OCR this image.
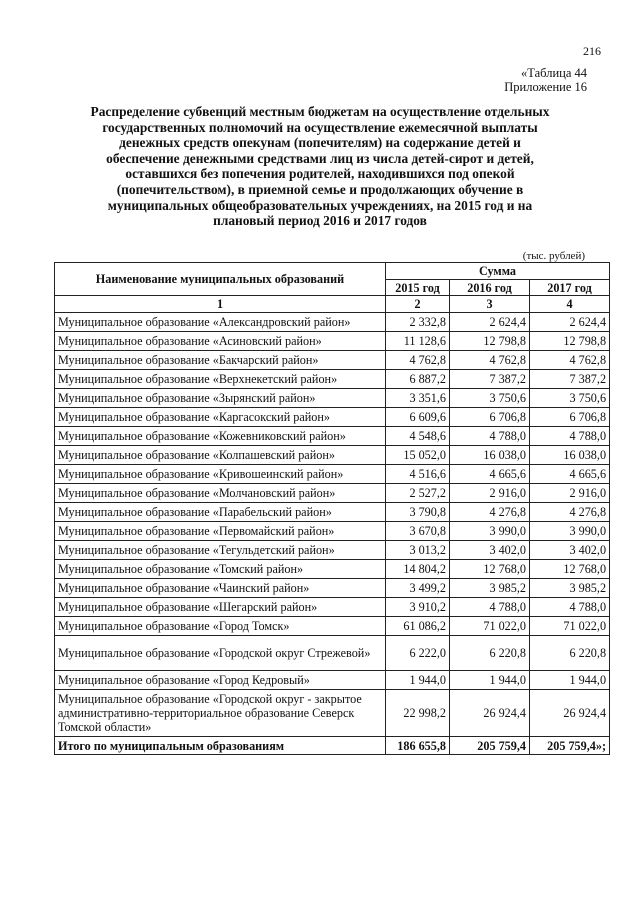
216
«Таблица 44
Приложение 16
Распределение субвенций местным бюджетам на осуществление отдельных государственных полномочий на осуществление ежемесячной выплаты денежных средств опекунам (попечителям) на содержание детей и обеспечение денежными средствами лиц из числа детей-сирот и детей, оставшихся без попечения родителей, находившихся под опекой (попечительством), в приемной семье и продолжающих обучение в муниципальных общеобразовательных учреждениях, на 2015 год и на плановый период 2016 и 2017 годов
(тыс. рублей)
Наименование муниципальных образований	Сумма		
	2015 год	2016 год	2017 год
1	2	3	4
Муниципальное образование «Александровский район»	2 332,8	2 624,4	2 624,4
Муниципальное образование «Асиновский район»	11 128,6	12 798,8	12 798,8
Муниципальное образование «Бакчарский район»	4 762,8	4 762,8	4 762,8
Муниципальное образование «Верхнекетский район»	6 887,2	7 387,2	7 387,2
Муниципальное образование «Зырянский район»	3 351,6	3 750,6	3 750,6
Муниципальное образование «Каргасокский район»	6 609,6	6 706,8	6 706,8
Муниципальное образование «Кожевниковский район»	4 548,6	4 788,0	4 788,0
Муниципальное образование «Колпашевский район»	15 052,0	16 038,0	16 038,0
Муниципальное образование «Кривошеинский район»	4 516,6	4 665,6	4 665,6
Муниципальное образование «Молчановский район»	2 527,2	2 916,0	2 916,0
Муниципальное образование «Парабельский район»	3 790,8	4 276,8	4 276,8
Муниципальное образование «Первомайский район»	3 670,8	3 990,0	3 990,0
Муниципальное образование «Тегульдетский район»	3 013,2	3 402,0	3 402,0
Муниципальное образование «Томский район»	14 804,2	12 768,0	12 768,0
Муниципальное образование «Чаинский район»	3 499,2	3 985,2	3 985,2
Муниципальное образование «Шегарский район»	3 910,2	4 788,0	4 788,0
Муниципальное образование «Город Томск»	61 086,2	71 022,0	71 022,0
Муниципальное образование «Городской округ Стрежевой»	6 222,0	6 220,8	6 220,8
Муниципальное образование «Город Кедровый»	1 944,0	1 944,0	1 944,0
Муниципальное образование «Городской округ - закрытое административно-территориальное образование Северск Томской области»	22 998,2	26 924,4	26 924,4
Итого по муниципальным образованиям	186 655,8	205 759,4	205 759,4»;
